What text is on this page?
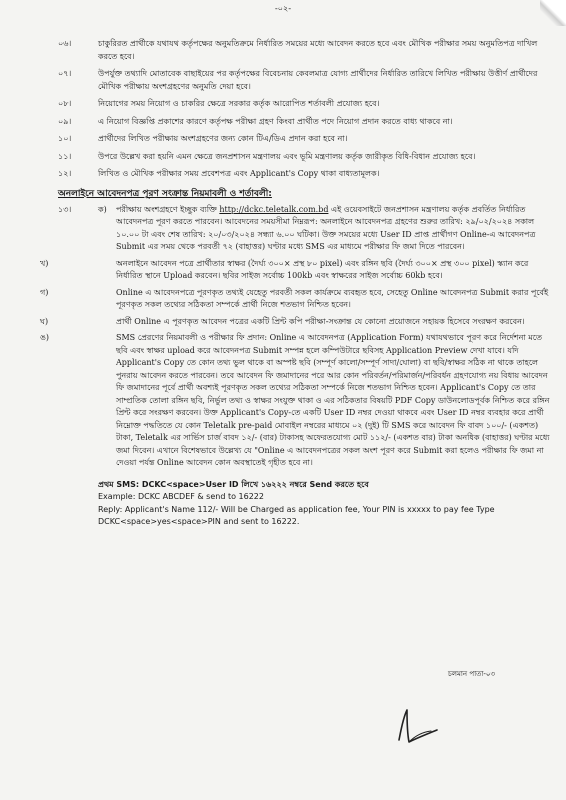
-০২-
০৬।	চাকুরিরত প্রার্থীকে যথাযথ কর্তৃপক্ষের অনুমতিক্রমে নির্ধারিত সময়ের মধ্যে আবেদন করতে হবে এবং মৌখিক পরীক্ষার সময় অনুমতিপত্র দাখিল করতে হবে।
০৭।	উপর্যুক্ত তথ্যাদি মোতাবেক বাছাইয়ের পর কর্তৃপক্ষের বিবেচনায় কেবলমাত্র যোগ্য প্রার্থীদের নির্ধারিত তারিখে লিখিত পরীক্ষায় উত্তীর্ণ প্রার্থীদের মৌখিক পরীক্ষায় অংশগ্রহণের অনুমতি দেয়া হবে।
০৮।	নিয়োগের সময় নিয়োগ ও চাকরির ক্ষেত্রে সরকার কর্তৃক আরোপিত শর্তাবলী প্রযোজ্য হবে।
০৯।	এ নিয়োগ বিজ্ঞপ্তি প্রকাশের কারণে কর্তৃপক্ষ পরীক্ষা গ্রহণ কিংবা প্রার্থীত পদে নিয়োগ প্রদান করতে বাধ্য থাকবে না।
১০।	প্রার্থীদের লিখিত পরীক্ষায় অংশগ্রহণের জন্য কোন টিএ/ডিএ প্রদান করা হবে না।
১১।	উপরে উল্লেখ করা হয়নি এমন ক্ষেত্রে জনপ্রশাসন মন্ত্রণালয় এবং ভূমি মন্ত্রণালয় কর্তৃক জারীকৃত বিধি-বিধান প্রযোজ্য হবে।
১২।	লিখিত ও মৌখিক পরীক্ষার সময় প্রবেশপত্র এবং Applicant's Copy থাকা বাধ্যতামূলক।
অনলাইনে আবেদনপত্র পূরণ সংক্রান্ত নিয়মাবলী ও শর্তাবলী:
১৩।	ক)	পরীক্ষায় অংশগ্রহণে ইচ্ছুক ব্যক্তি http://dckc.teletalk.com.bd এই ওয়েবসাইটে জনপ্রশাসন মন্ত্রণালয় কর্তৃক প্রবর্তিত নির্ধারিত আবেদনপত্র পূরণ করতে পারবেন। আবেদনের সময়সীমা নিম্নরূপ: অনলাইনে আবেদনপত্র গ্রহণের শুরুর তারিখ: ২৯/০২/২০২৪ সকাল ১০.০০ টা এবং শেষ তারিখ: ২০/০৩/২০২৪ সন্ধ্যা ৬.০০ ঘটিকা। উক্ত সময়ের মধ্যে User ID প্রাপ্ত প্রার্থীগণ Online-এ আবেদনপত্র Submit এর সময় থেকে পরবর্তী ৭২ (বাহাত্তর) ঘণ্টার মধ্যে SMS এর মাধ্যমে পরীক্ষার ফি জমা দিতে পারবেন।
খ)	অনলাইনে আবেদন পত্রে প্রার্থীতার স্বাক্ষর (দৈর্ঘ্য ৩০০× প্রস্থ ৮০ pixel) এবং রঙ্গিন ছবি (দৈর্ঘ্য ৩০০× প্রস্থ ৩০০ pixel) স্ক্যান করে নির্ধারিত স্থানে Upload করবেন। ছবির সাইজ সর্বোচ্চ 100kb এবং স্বাক্ষরের সাইজ সর্বোচ্চ 60kb হবে।
গ)	Online এ আবেদনপত্রে পূরণকৃত তথ্যই যেহেতু পরবর্তী সকল কার্যক্রমে ব্যবহৃত হবে, সেহেতু Online আবেদনপত্র Submit করার পূর্বেই পূরণকৃত সকল তথ্যের সঠিকতা সম্পর্কে প্রার্থী নিজে শতভাগ নিশ্চিত হবেন।
ঘ)	প্রার্থী Online এ পূরণকৃত আবেদন পত্রের একটি প্রিন্ট কপি পরীক্ষা-সংক্রান্ত যে কোনো প্রয়োজনে সহায়ক হিসেবে সংরক্ষণ করবেন।
ঙ)	SMS প্রেরণের নিয়মাবলী ও পরীক্ষার ফি প্রদান: Online এ আবেদনপত্র (Application Form) যথাযথভাবে পূরণ করে নির্দেশনা মতে ছবি এবং স্বাক্ষর upload করে আবেদনপত্র Submit সম্পন্ন হলে কম্পিউটারে ছবিসহ Application Preview দেখা যাবে। যদি Applicant's Copy তে কোন তথ্য ভুল থাকে বা অস্পষ্ট ছবি (সম্পূর্ণ কালো/সম্পূর্ণ সাদা/ঘোলা) বা ছবি/স্বাক্ষর সঠিক না থাকে তাহলে পুনরায় আবেদন করতে পারবেন। তবে আবেদন ফি জমাদানের পরে আর কোন পরিবর্তন/পরিমার্জন/পরিবর্ধন গ্রহণযোগ্য নয় বিধায় আবেদন ফি জমাদানের পূর্বে প্রার্থী অবশ্যই পূরণকৃত সকল তথ্যের সঠিকতা সম্পর্কে নিজে শতভাগ নিশ্চিত হবেন। Applicant's Copy তে তার সাম্প্রতিক তোলা রঙ্গিন ছবি, নির্ভুল তথ্য ও স্বাক্ষর সংযুক্ত থাকা ও এর সঠিকতার বিষয়টি PDF Copy ডাউনলোডপূর্বক নিশ্চিত করে রঙ্গিন প্রিন্ট করে সংরক্ষণ করবেন। উক্ত Applicant's Copy-তে একটি User ID নম্বর দেওয়া থাকবে এবং User ID নম্বর ব্যবহার করে প্রার্থী নিম্নোক্ত পদ্ধতিতে যে কোন Teletalk pre-paid মোবাইল নম্বরের মাধ্যমে ০২ (দুই) টি SMS করে আবেদন ফি বাবদ ১০০/- (একশত) টাকা, Teletalk এর সার্ভিস চার্জ বাবদ ১২/- (বার) টাকাসহ অফেরতযোগ্য মোট ১১২/- (একশত বার) টাকা অনধিক (বাহাত্তর) ঘণ্টার মধ্যে জমা দিবেন। এখানে বিশেষভাবে উল্লেখ্য যে "Online এ আবেদনপত্রের সকল অংশ পূরণ করে Submit করা হলেও পরীক্ষার ফি জমা না দেওয়া পর্যন্ত Online আবেদন কোন অবস্থাতেই গৃহীত হবে না।
প্রথম SMS: DCKC<space>User ID লিখে ১৬২২২ নম্বরে Send করতে হবে
Example: DCKC ABCDEF & send to 16222
Reply: Applicant's Name 112/- Will be Charged as application fee, Your PIN is xxxxx to pay fee Type DCKC<space>yes<space>PIN and sent to 16222.
চলমান পাতা-০৩
